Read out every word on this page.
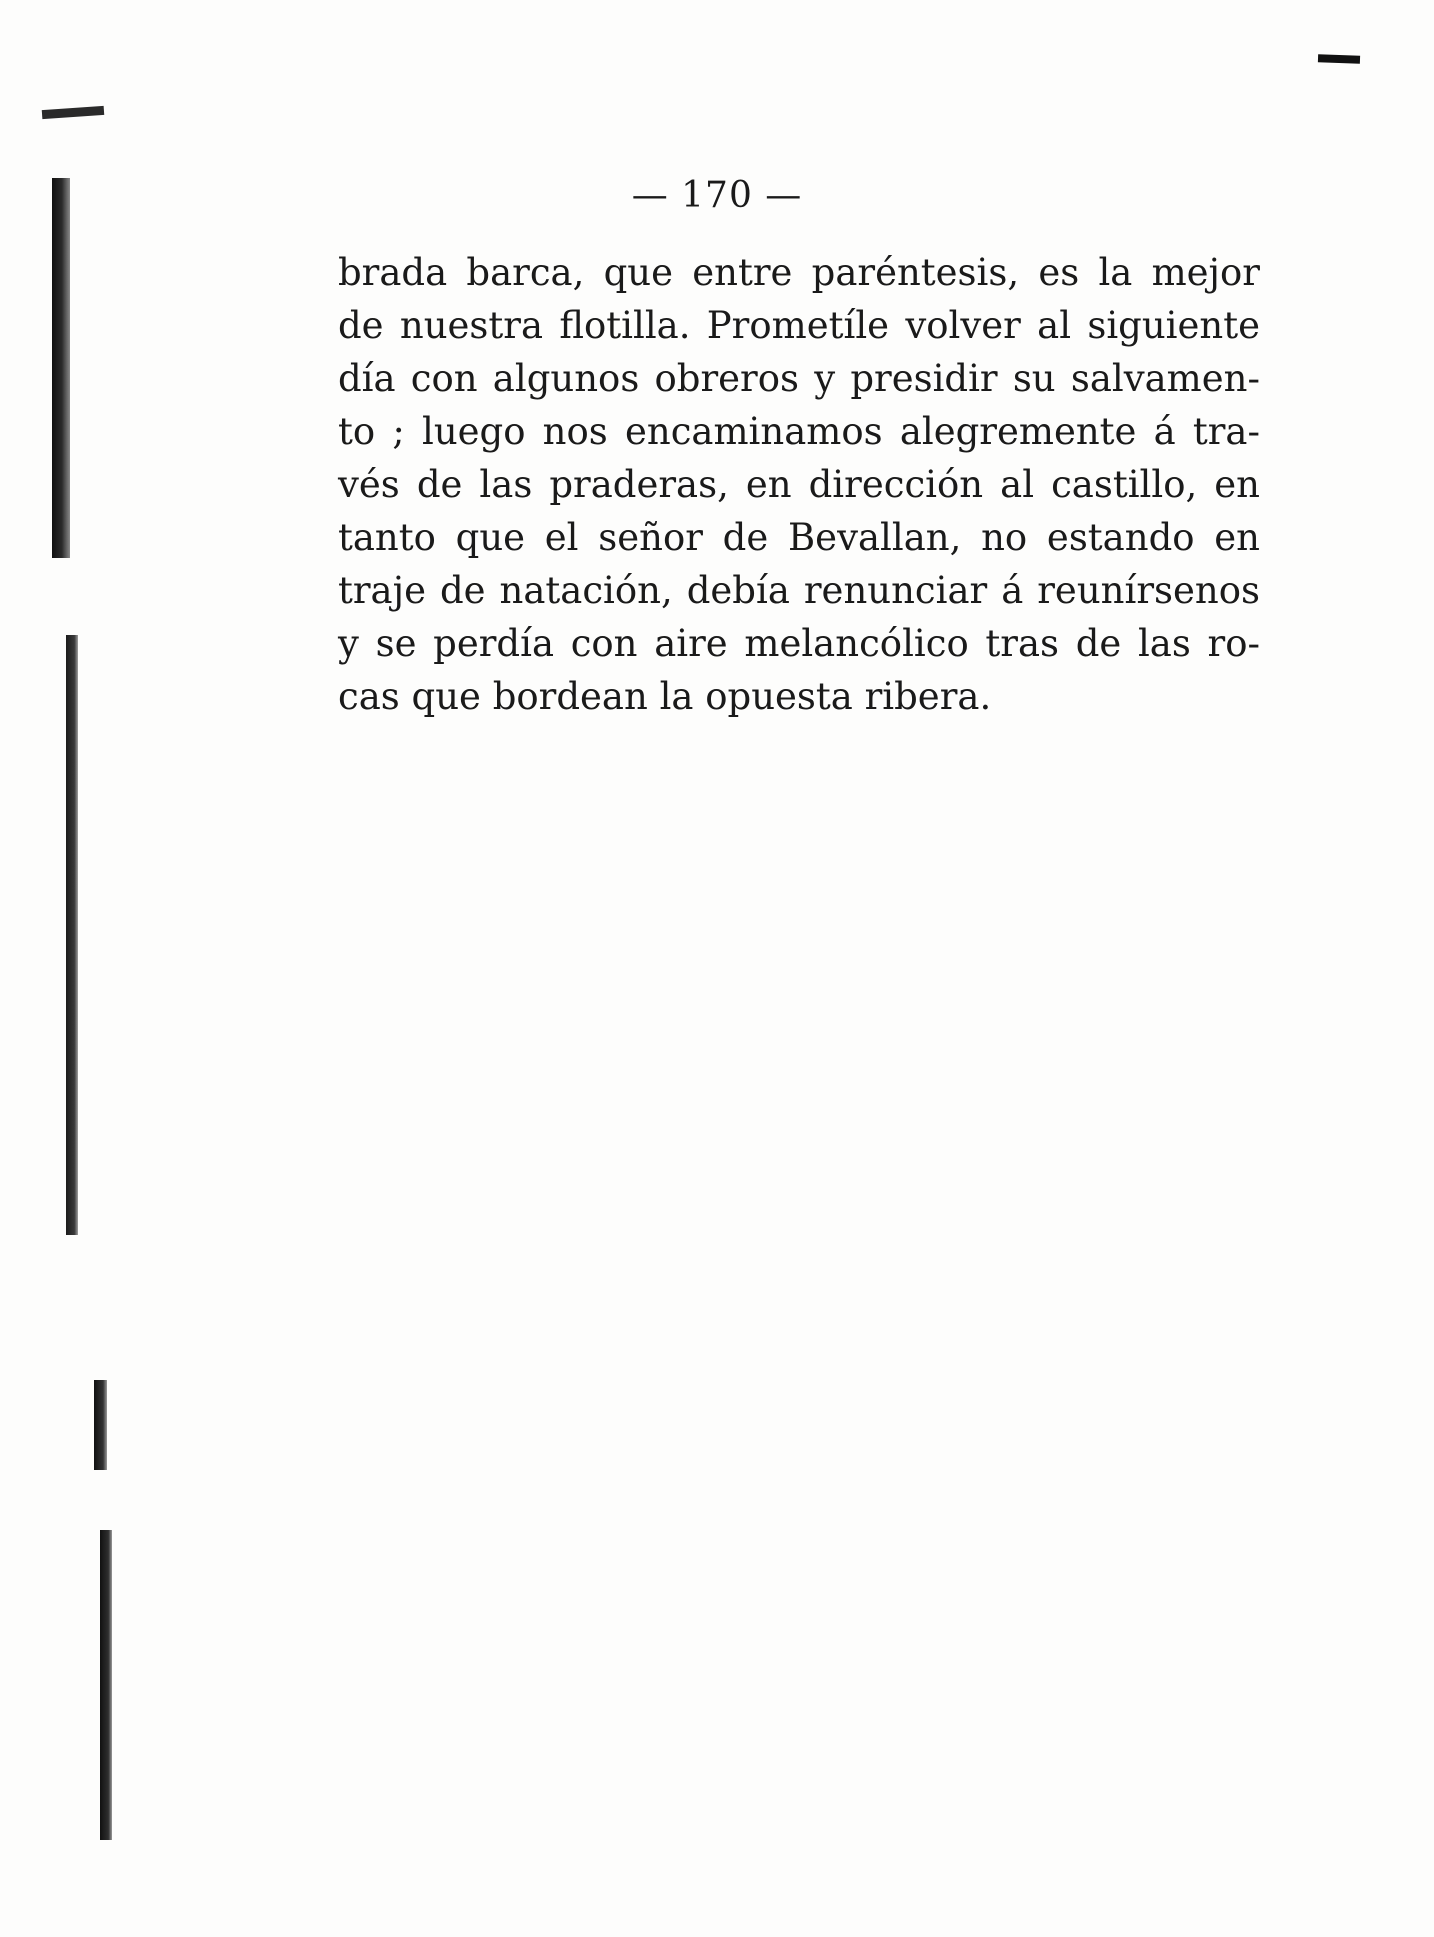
— 170 —
brada barca, que entre paréntesis, es la mejor
de nuestra flotilla. Prometíle volver al siguiente
día con algunos obreros y presidir su salvamen-
to ; luego nos encaminamos alegremente á tra-
vés de las praderas, en dirección al castillo, en
tanto que el señor de Bevallan, no estando en
traje de natación, debía renunciar á reunírsenos
y se perdía con aire melancólico tras de las ro-
cas que bordean la opuesta ribera.
